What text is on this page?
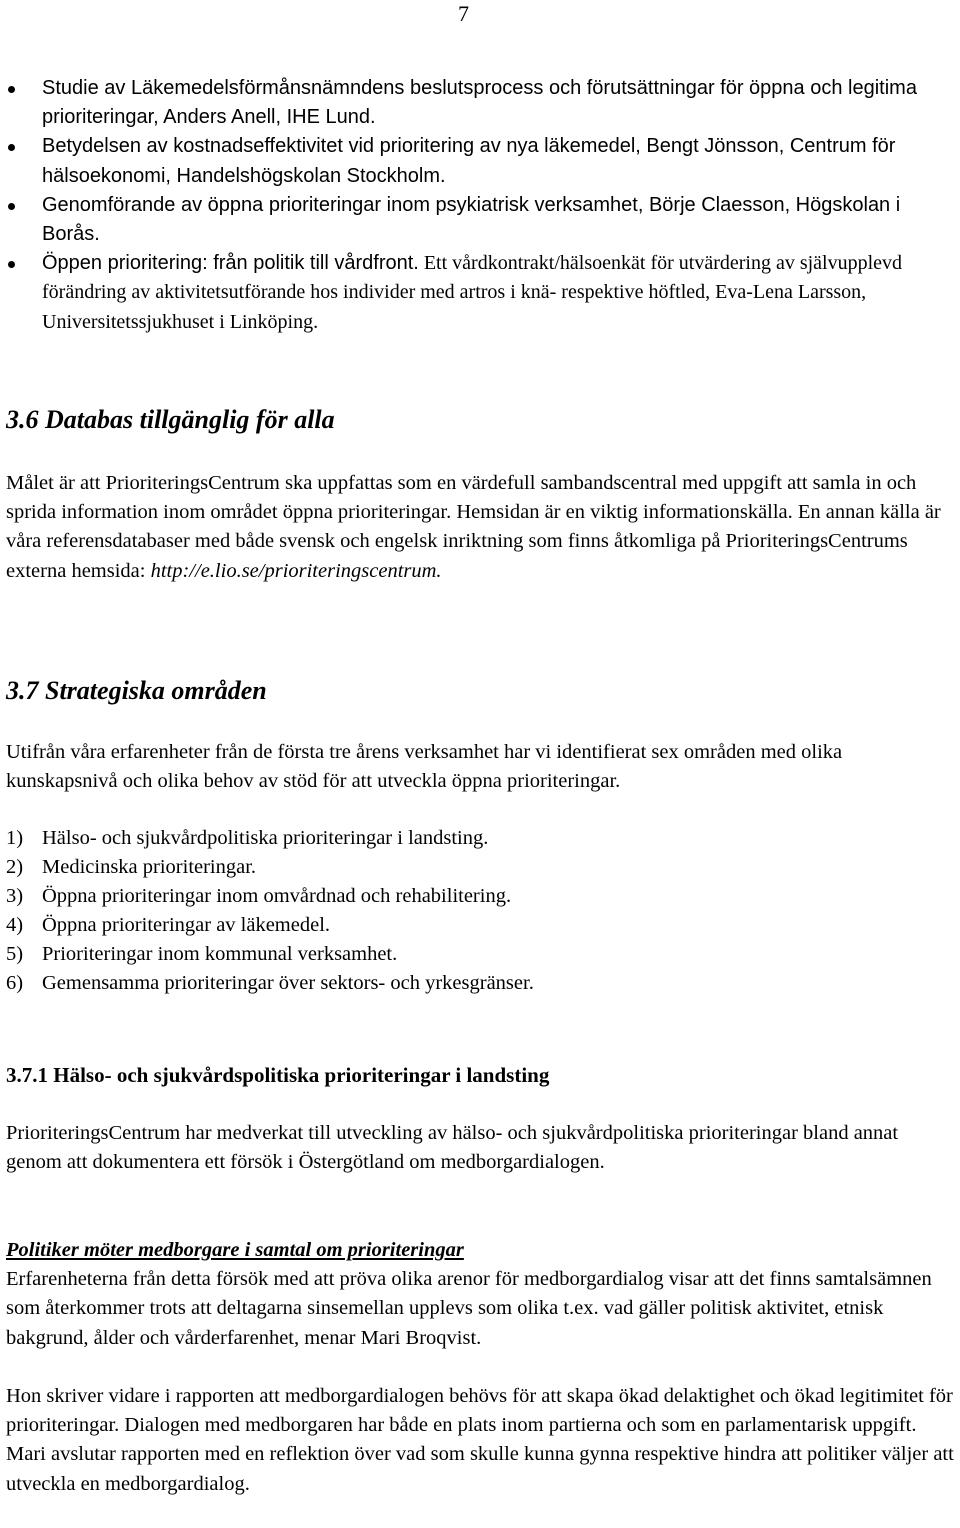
7
Studie av Läkemedelsförmånsnämndens beslutsprocess och förutsättningar för öppna och legitima prioriteringar, Anders Anell, IHE Lund.
Betydelsen av kostnadseffektivitet vid prioritering av nya läkemedel, Bengt Jönsson, Centrum för hälsoekonomi, Handelshögskolan Stockholm.
Genomförande av öppna prioriteringar inom psykiatrisk verksamhet, Börje Claesson, Högskolan i Borås.
Öppen prioritering: från politik till vårdfront. Ett vårdkontrakt/hälsoenkät för utvärdering av självupplevd förändring av aktivitetsutförande hos individer med artros i knä- respektive höftled, Eva-Lena Larsson, Universitetssjukhuset i Linköping.
3.6 Databas tillgänglig för alla

Målet är att PrioriteringsCentrum ska uppfattas som en värdefull sambandscentral med uppgift att samla in och sprida information inom området öppna prioriteringar. Hemsidan är en viktig informationskälla. En annan källa är våra referensdatabaser med både svensk och engelsk inriktning som finns åtkomliga på PrioriteringsCentrums externa hemsida: http://e.lio.se/prioriteringscentrum.

3.7 Strategiska områden

Utifrån våra erfarenheter från de första tre årens verksamhet har vi identifierat sex områden med olika kunskapsnivå och olika behov av stöd för att utveckla öppna prioriteringar.

1) Hälso- och sjukvårdpolitiska prioriteringar i landsting.
2) Medicinska prioriteringar.
3) Öppna prioriteringar inom omvårdnad och rehabilitering.
4) Öppna prioriteringar av läkemedel.
5) Prioriteringar inom kommunal verksamhet.
6) Gemensamma prioriteringar över sektors- och yrkesgränser.
3.7.1 Hälso- och sjukvårdspolitiska prioriteringar i landsting

PrioriteringsCentrum har medverkat till utveckling av hälso- och sjukvårdpolitiska prioriteringar bland annat genom att dokumentera ett försök i Östergötland om medborgardialogen.

Politiker möter medborgare i samtal om prioriteringar
Erfarenheterna från detta försök med att pröva olika arenor för medborgardialog visar att det finns samtalsämnen som återkommer trots att deltagarna sinsemellan upplevs som olika t.ex. vad gäller politisk aktivitet, etnisk bakgrund, ålder och vårderfarenhet, menar Mari Broqvist.

Hon skriver vidare i rapporten att medborgardialogen behövs för att skapa ökad delaktighet och ökad legitimitet för prioriteringar. Dialogen med medborgaren har både en plats inom partierna och som en parlamentarisk uppgift. Mari avslutar rapporten med en reflektion över vad som skulle kunna gynna respektive hindra att politiker väljer att utveckla en medborgardialog.
